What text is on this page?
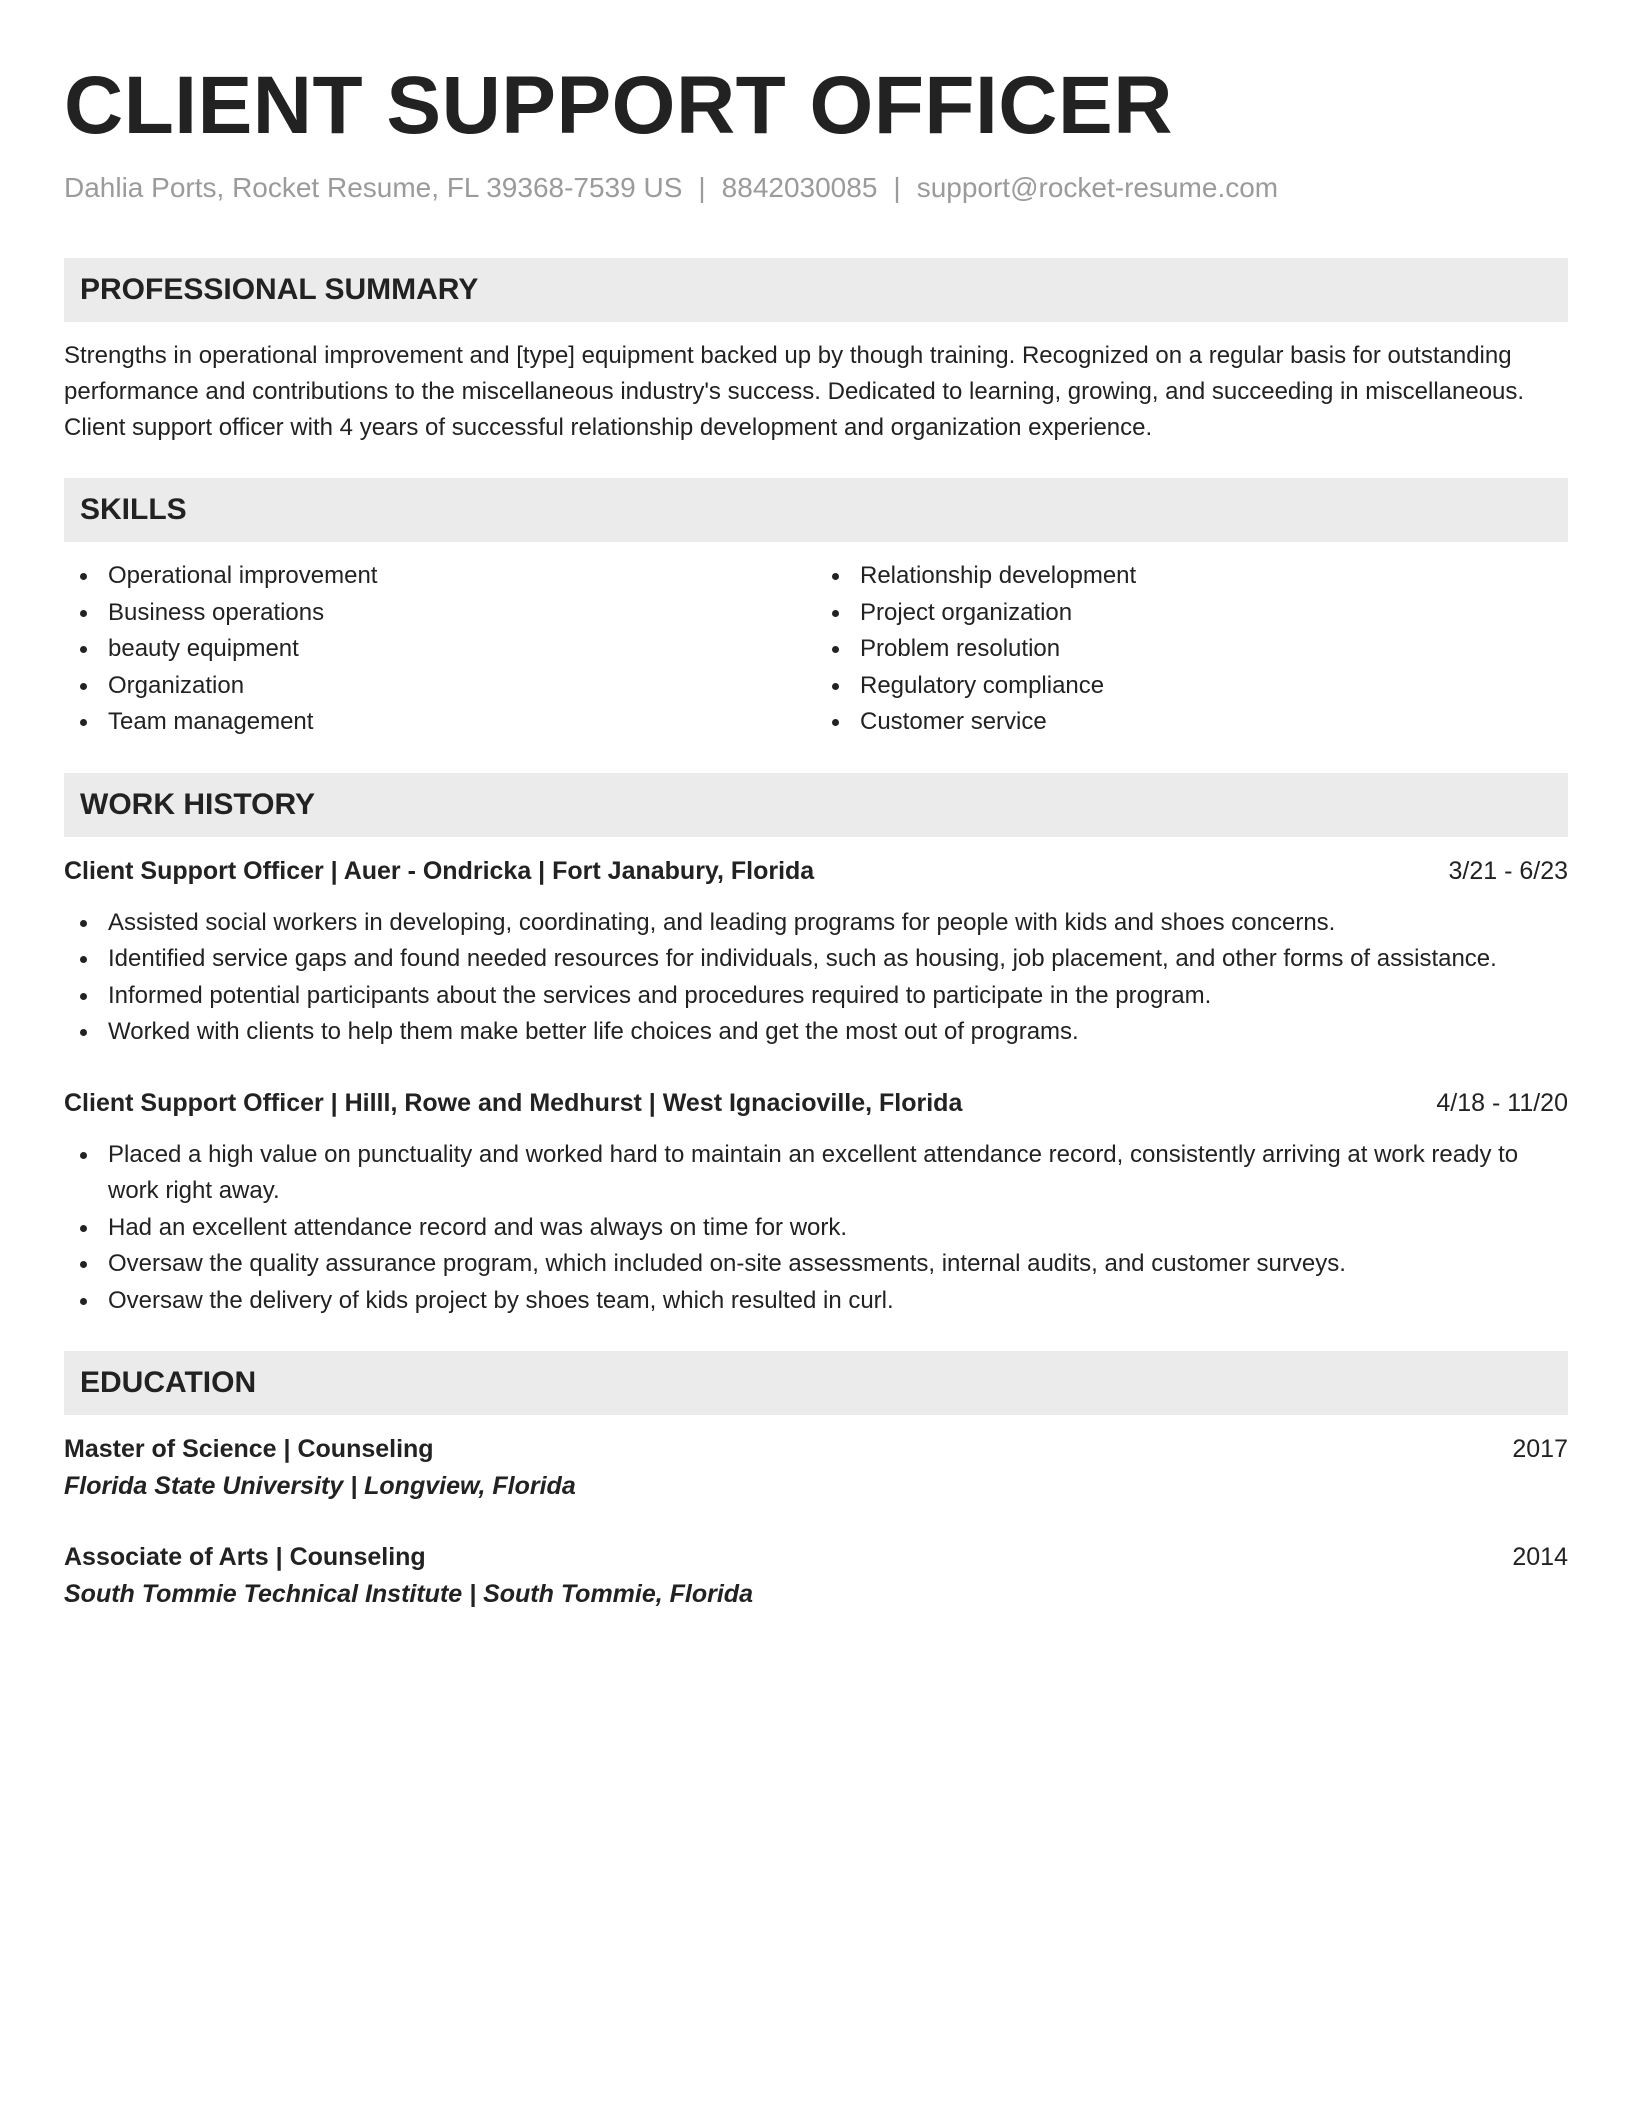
CLIENT SUPPORT OFFICER
Dahlia Ports, Rocket Resume, FL 39368-7539 US | 8842030085 | support@rocket-resume.com
PROFESSIONAL SUMMARY

Strengths in operational improvement and [type] equipment backed up by though training. Recognized on a regular basis for outstanding performance and contributions to the miscellaneous industry's success. Dedicated to learning, growing, and succeeding in miscellaneous. Client support officer with 4 years of successful relationship development and organization experience.

SKILLS
Operational improvement
Business operations
beauty equipment
Organization
Team management
Relationship development
Project organization
Problem resolution
Regulatory compliance
Customer service
WORK HISTORY
Client Support Officer | Auer - Ondricka | Fort Janabury, Florida	3/21 - 6/23
Assisted social workers in developing, coordinating, and leading programs for people with kids and shoes concerns.
Identified service gaps and found needed resources for individuals, such as housing, job placement, and other forms of assistance.
Informed potential participants about the services and procedures required to participate in the program.
Worked with clients to help them make better life choices and get the most out of programs.
Client Support Officer | Hilll, Rowe and Medhurst | West Ignacioville, Florida	4/18 - 11/20
Placed a high value on punctuality and worked hard to maintain an excellent attendance record, consistently arriving at work ready to work right away.
Had an excellent attendance record and was always on time for work.
Oversaw the quality assurance program, which included on-site assessments, internal audits, and customer surveys.
Oversaw the delivery of kids project by shoes team, which resulted in curl.
EDUCATION
Master of Science | Counseling	2017
Florida State University | Longview, Florida
Associate of Arts | Counseling	2014
South Tommie Technical Institute | South Tommie, Florida
